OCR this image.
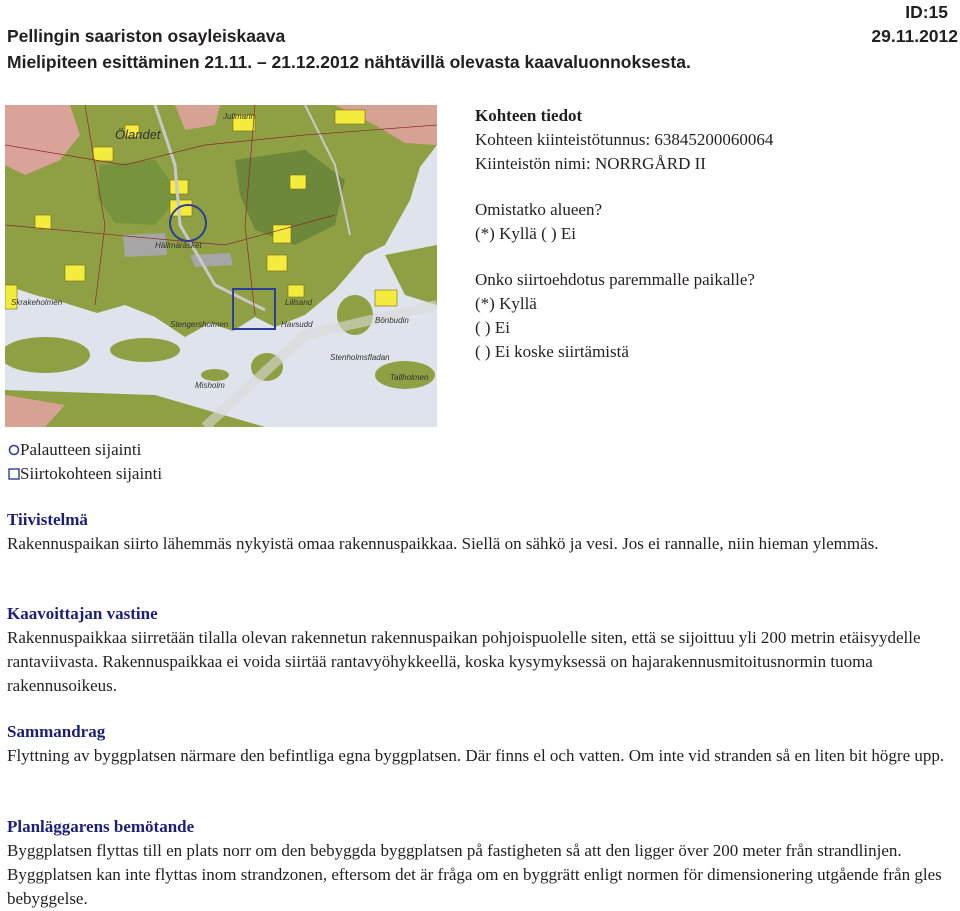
Pellingin saariston osayleiskaava
Mielipiteen esittäminen 21.11. – 21.12.2012 nähtävillä olevasta kaavaluonnoksesta.
ID:15
29.11.2012
Ölandet
Jullmarin
Hällmäräsket
Skrakeholmen
Stengersholmen
Misholm
Lillsand
Stenholmsfladan
Tallholmen
Havsudd	Bönbudin
Kohteen tiedot
Kohteen kiinteistötunnus: 63845200060064
Kiinteistön nimi: NORRGÅRD II
Omistatko alueen?
(*) Kyllä ( ) Ei
Onko siirtoehdotus paremmalle paikalle?
(*) Kyllä
( ) Ei
( ) Ei koske siirtämistä
Palautteen sijainti
Siirtokohteen sijainti
Tiivistelmä

Rakennuspaikan siirto lähemmäs nykyistä omaa rakennuspaikkaa. Siellä on sähkö ja vesi. Jos ei rannalle, niin hieman ylemmäs.

Kaavoittajan vastine

Rakennuspaikkaa siirretään tilalla olevan rakennetun rakennuspaikan pohjoispuolelle siten, että se sijoittuu yli 200 metrin etäisyydelle rantaviivasta. Rakennuspaikkaa ei voida siirtää rantavyöhykkeellä, koska kysymyksessä on hajarakennusmitoitusnormin tuoma rakennusoikeus.

Sammandrag

Flyttning av byggplatsen närmare den befintliga egna byggplatsen. Där finns el och vatten. Om inte vid stranden så en liten bit högre upp.

Planläggarens bemötande

Byggplatsen flyttas till en plats norr om den bebyggda byggplatsen på fastigheten så att den ligger över 200 meter från strandlinjen. Byggplatsen kan inte flyttas inom strandzonen, eftersom det är fråga om en byggrätt enligt normen för dimensionering utgående från gles bebyggelse.
